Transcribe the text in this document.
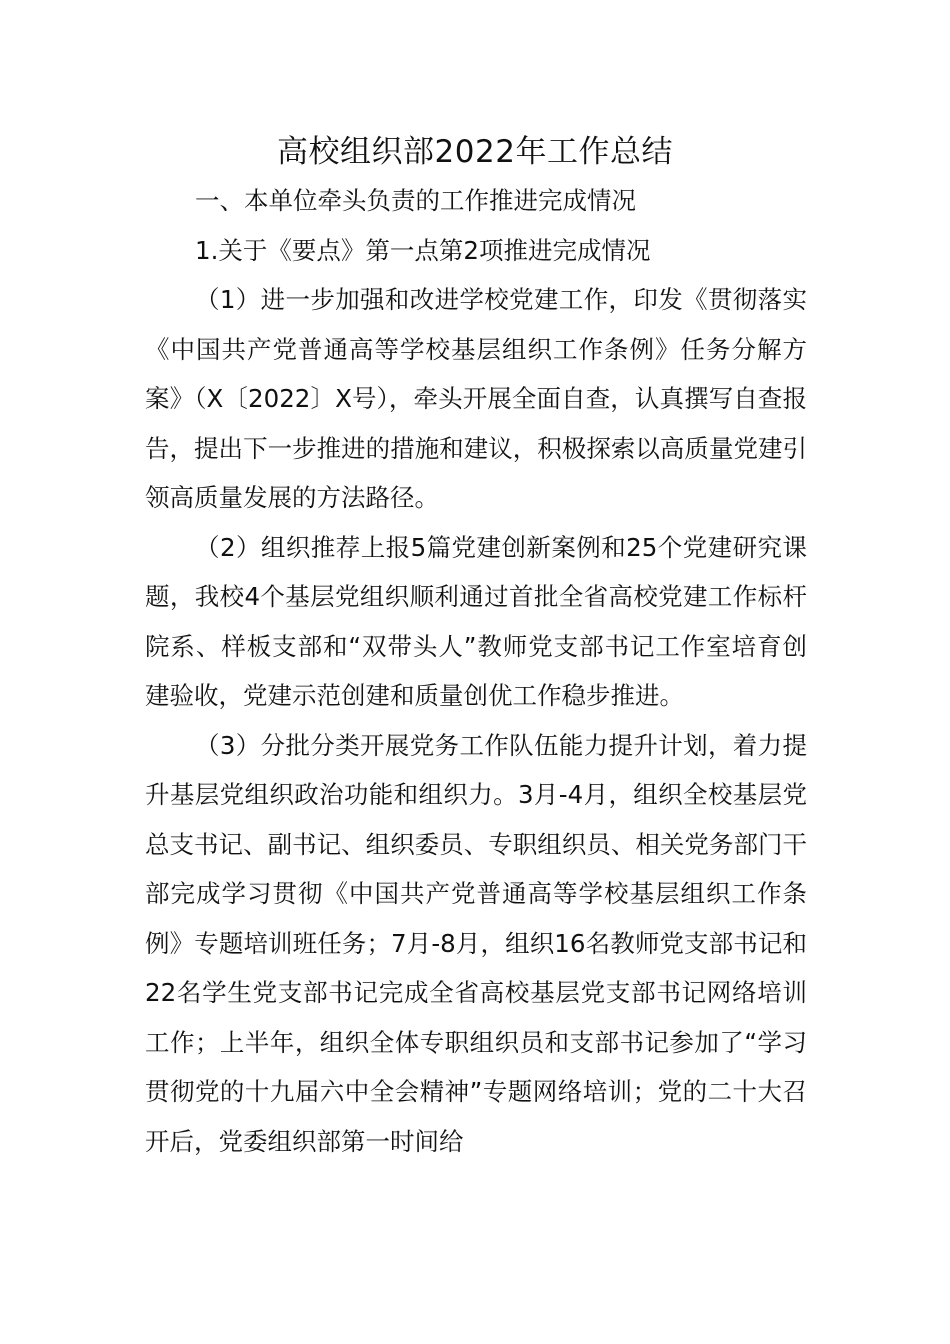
高校组织部2022年工作总结

一、本单位牵头负责的工作推进完成情况

1.关于《要点》第一点第2项推进完成情况

（1）进一步加强和改进学校党建工作，印发《贯彻落实《中国共产党普通高等学校基层组织工作条例》任务分解方案》（X〔2022〕X号），牵头开展全面自查，认真撰写自查报告，提出下一步推进的措施和建议，积极探索以高质量党建引领高质量发展的方法路径。

（2）组织推荐上报5篇党建创新案例和25个党建研究课题，我校4个基层党组织顺利通过首批全省高校党建工作标杆院系、样板支部和“双带头人”教师党支部书记工作室培育创建验收，党建示范创建和质量创优工作稳步推进。

（3）分批分类开展党务工作队伍能力提升计划，着力提升基层党组织政治功能和组织力。3月-4月，组织全校基层党总支书记、副书记、组织委员、专职组织员、相关党务部门干部完成学习贯彻《中国共产党普通高等学校基层组织工作条例》专题培训班任务；7月-8月，组织16名教师党支部书记和22名学生党支部书记完成全省高校基层党支部书记网络培训工作；上半年，组织全体专职组织员和支部书记参加了“学习贯彻党的十九届六中全会精神”专题网络培训；党的二十大召开后，党委组织部第一时间给
